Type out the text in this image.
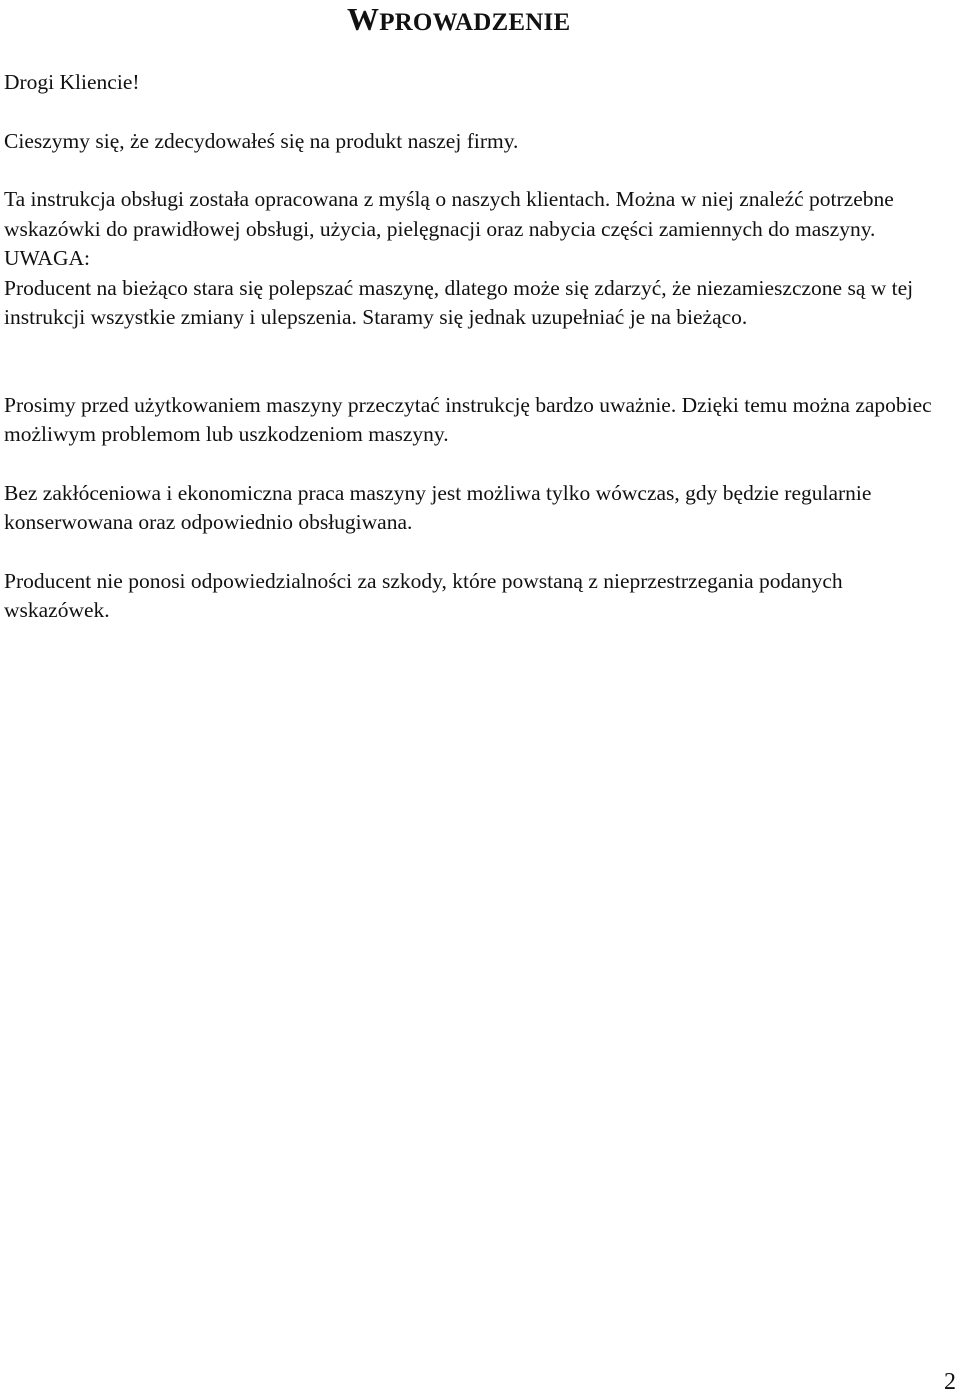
WPROWADZENIE

Drogi Kliencie!

Cieszymy się, że zdecydowałeś się na produkt naszej firmy.

Ta instrukcja obsługi została opracowana z myślą o naszych klientach. Można w niej znaleźć potrzebne wskazówki do prawidłowej obsługi, użycia, pielęgnacji oraz nabycia części zamiennych do maszyny.

UWAGA:

Producent na bieżąco stara się polepszać maszynę, dlatego może się zdarzyć, że niezamieszczone są w tej instrukcji wszystkie zmiany i ulepszenia. Staramy się jednak uzupełniać je na bieżąco.

Prosimy przed użytkowaniem maszyny przeczytać instrukcję bardzo uważnie. Dzięki temu można zapobiec możliwym problemom lub uszkodzeniom maszyny.

Bez zakłóceniowa i ekonomiczna praca maszyny jest możliwa tylko wówczas, gdy będzie regularnie konserwowana oraz odpowiednio obsługiwana.

Producent nie ponosi odpowiedzialności za szkody, które powstaną z nieprzestrzegania podanych wskazówek.

2
